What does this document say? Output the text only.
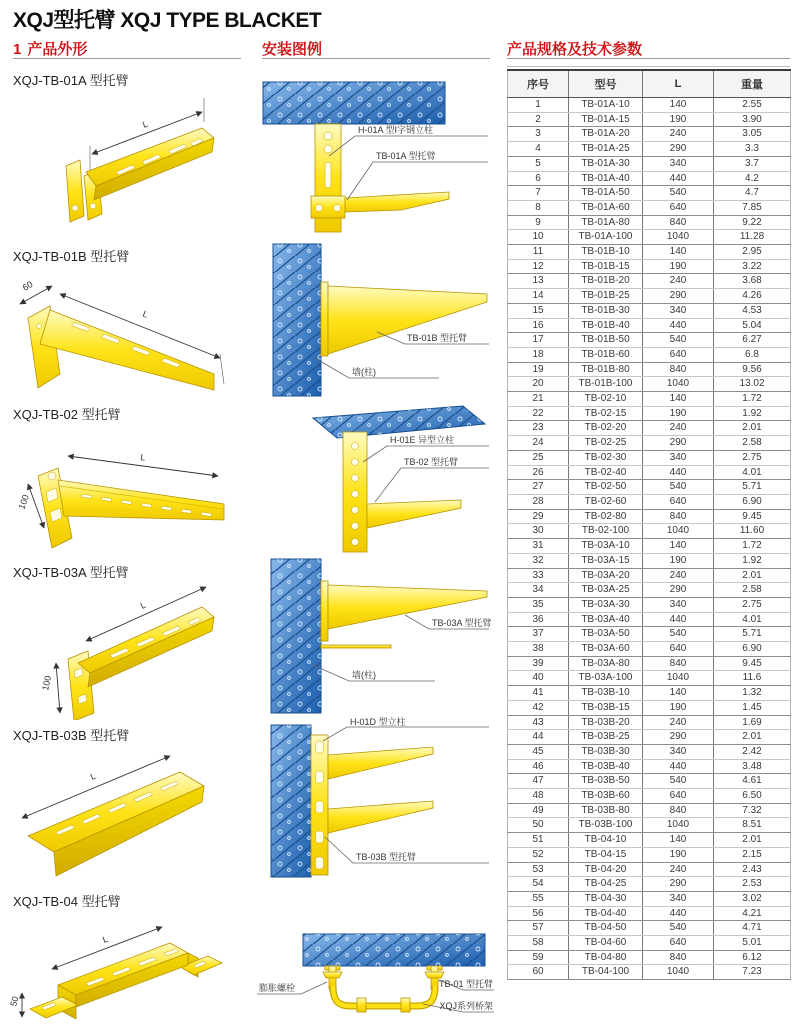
XQJ型托臂 XQJ TYPE BLACKET
1 产品外形	安装图例	产品规格及技术参数
XQJ-TB-01A 型托臂
XQJ-TB-01B 型托臂
XQJ-TB-02 型托臂
XQJ-TB-03A 型托臂
XQJ-TB-03B 型托臂
XQJ-TB-04 型托臂
L
H-01A 型I字钢立柱
TB-01A 型托臂
60
L
TB-01B 型托臂
墙(柱)
L
100
H-01E 异型立柱
TB-02 型托臂
L
100
TB-03A 型托臂
墙(柱)
L
H-01D 型立柱
TB-03B 型托臂
L
50
膨胀螺栓	TB-01 型托臂
XQJ系列桥架
序号	型号	L	重量
1	TB-01A-10	140	2.55
2	TB-01A-15	190	3.90
3	TB-01A-20	240	3.05
4	TB-01A-25	290	3.3
5	TB-01A-30	340	3.7
6	TB-01A-40	440	4.2
7	TB-01A-50	540	4.7
8	TB-01A-60	640	7.85
9	TB-01A-80	840	9.22
10	TB-01A-100	1040	11.28
11	TB-01B-10	140	2.95
12	TB-01B-15	190	3.22
13	TB-01B-20	240	3.68
14	TB-01B-25	290	4.26
15	TB-01B-30	340	4.53
16	TB-01B-40	440	5.04
17	TB-01B-50	540	6.27
18	TB-01B-60	640	6.8
19	TB-01B-80	840	9.56
20	TB-01B-100	1040	13.02
21	TB-02-10	140	1.72
22	TB-02-15	190	1.92
23	TB-02-20	240	2.01
24	TB-02-25	290	2.58
25	TB-02-30	340	2.75
26	TB-02-40	440	4.01
27	TB-02-50	540	5.71
28	TB-02-60	640	6.90
29	TB-02-80	840	9.45
30	TB-02-100	1040	11.60
31	TB-03A-10	140	1.72
32	TB-03A-15	190	1.92
33	TB-03A-20	240	2.01
34	TB-03A-25	290	2.58
35	TB-03A-30	340	2.75
36	TB-03A-40	440	4.01
37	TB-03A-50	540	5.71
38	TB-03A-60	640	6.90
39	TB-03A-80	840	9.45
40	TB-03A-100	1040	11.6
41	TB-03B-10	140	1.32
42	TB-03B-15	190	1.45
43	TB-03B-20	240	1.69
44	TB-03B-25	290	2.01
45	TB-03B-30	340	2.42
46	TB-03B-40	440	3.48
47	TB-03B-50	540	4.61
48	TB-03B-60	640	6.50
49	TB-03B-80	840	7.32
50	TB-03B-100	1040	8.51
51	TB-04-10	140	2.01
52	TB-04-15	190	2.15
53	TB-04-20	240	2.43
54	TB-04-25	290	2.53
55	TB-04-30	340	3.02
56	TB-04-40	440	4.21
57	TB-04-50	540	4.71
58	TB-04-60	640	5.01
59	TB-04-80	840	6.12
60	TB-04-100	1040	7.23
